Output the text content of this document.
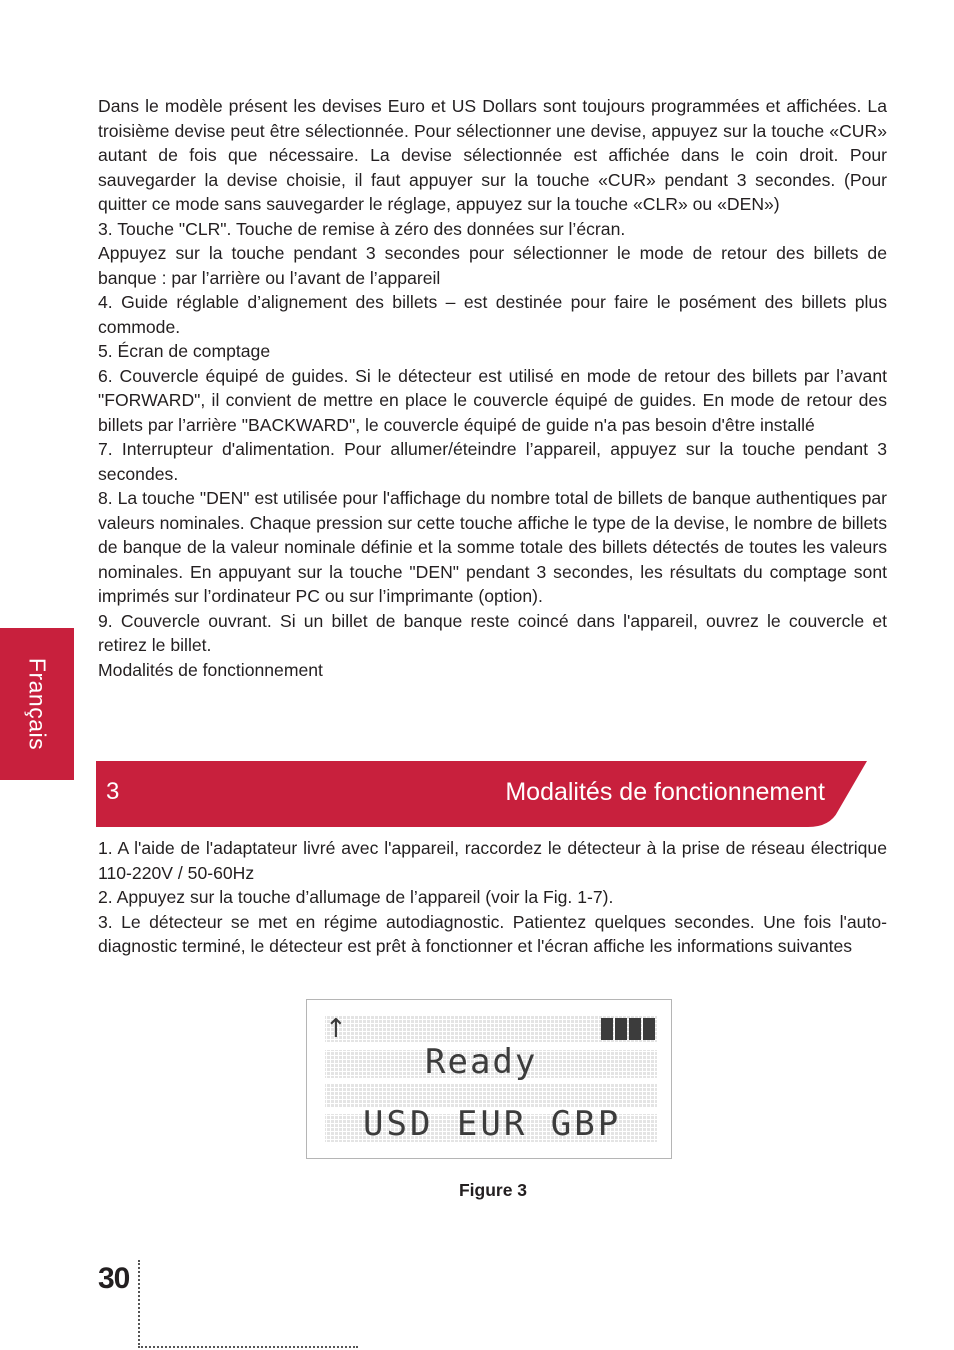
Dans le modèle présent les devises Euro et US Dollars sont toujours programmées et affichées. La troisième devise peut être sélectionnée. Pour sélectionner une devise, appuyez sur la touche «CUR» autant de fois que nécessaire. La devise sélectionnée est affichée dans le coin droit. Pour sauvegarder la devise choisie, il faut appuyer sur la touche «CUR» pendant 3 secondes. (Pour quitter ce mode sans sauvegarder le réglage, appuyez sur la touche «CLR» ou «DEN»)

3. Touche "CLR". Touche de remise à zéro des données sur l’écran.

Appuyez sur la touche pendant 3 secondes pour sélectionner le mode de retour des billets de banque : par l’arrière ou l’avant de l’appareil

4. Guide réglable d’alignement des billets – est destinée pour faire le posément des billets plus commode.

5. Écran de comptage

6. Couvercle équipé de guides. Si le détecteur est utilisé en mode de retour des billets par l’avant "FORWARD", il convient de mettre en place le couvercle équipé de guides. En mode de retour des billets par l’arrière "BACKWARD", le couvercle équipé de guide n'a pas besoin d'être installé

7. Interrupteur d'alimentation. Pour allumer/éteindre l’appareil, appuyez sur la touche pendant 3 secondes.

8. La touche "DEN" est utilisée pour l'affichage du nombre total de billets de banque authentiques par valeurs nominales. Chaque pression sur cette touche affiche le type de la devise, le nombre de billets de banque de la valeur nominale définie et la somme totale des billets détectés de toutes les valeurs nominales. En appuyant sur la touche "DEN" pendant 3 secondes, les résultats du comptage sont imprimés sur l’ordinateur PC ou sur l’imprimante (option).

9. Couvercle ouvrant. Si un billet de banque reste coincé dans l'appareil, ouvrez le couvercle et retirez le billet.

Modalités de fonctionnement

Français
3	Modalités de fonctionnement

1. A l'aide de l'adaptateur livré avec l'appareil, raccordez le détecteur à la prise de réseau électrique 110-220V / 50-60Hz

2. Appuyez sur la touche d’allumage de l’appareil (voir la Fig. 1-7).

3. Le détecteur se met en régime autodiagnostic. Patientez quelques secondes. Une fois l'auto-diagnostic terminé, le détecteur est prêt à fonctionner et l'écran affiche les informations suivantes

↑
Ready
USD EUR GBP
Figure 3
30
